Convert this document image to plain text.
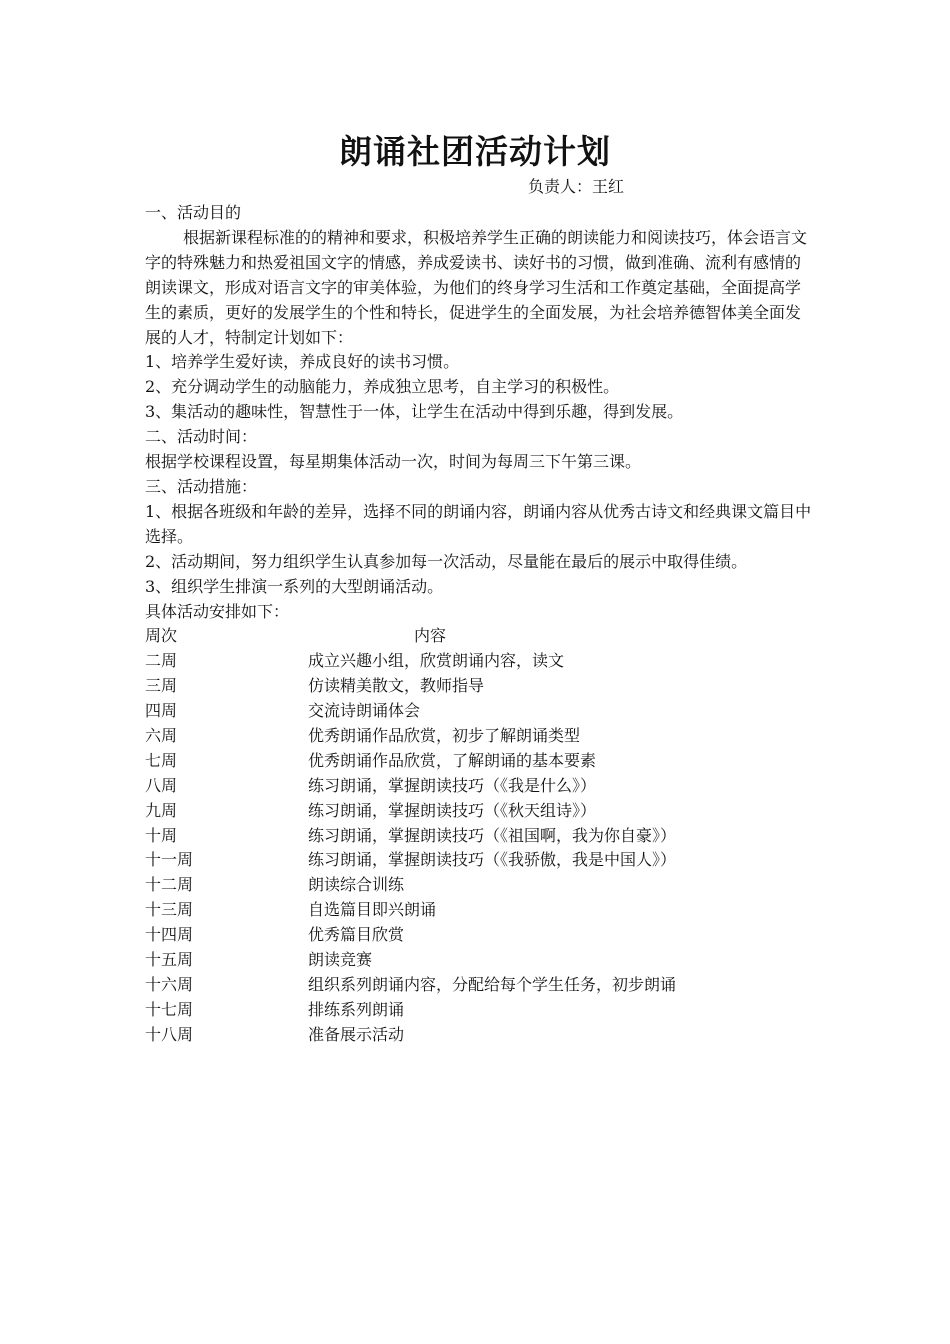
朗诵社团活动计划
负责人：王红

一、活动目的

根据新课程标准的的精神和要求，积极培养学生正确的朗读能力和阅读技巧，体会语言文字的特殊魅力和热爱祖国文字的情感，养成爱读书、读好书的习惯，做到准确、流利有感情的朗读课文，形成对语言文字的审美体验，为他们的终身学习生活和工作奠定基础，全面提高学生的素质，更好的发展学生的个性和特长，促进学生的全面发展，为社会培养德智体美全面发展的人才，特制定计划如下：

1、培养学生爱好读，养成良好的读书习惯。

2、充分调动学生的动脑能力，养成独立思考，自主学习的积极性。

3、集活动的趣味性，智慧性于一体，让学生在活动中得到乐趣，得到发展。

二、活动时间：

根据学校课程设置，每星期集体活动一次，时间为每周三下午第三课。

三、活动措施：

1、根据各班级和年龄的差异，选择不同的朗诵内容，朗诵内容从优秀古诗文和经典课文篇目中选择。

2、活动期间，努力组织学生认真参加每一次活动，尽量能在最后的展示中取得佳绩。

3、组织学生排演一系列的大型朗诵活动。

具体活动安排如下：

周次	内容
二周	成立兴趣小组，欣赏朗诵内容，读文
三周	仿读精美散文，教师指导
四周	交流诗朗诵体会
六周	优秀朗诵作品欣赏，初步了解朗诵类型
七周	优秀朗诵作品欣赏，了解朗诵的基本要素
八周	练习朗诵，掌握朗读技巧（《我是什么》）
九周	练习朗诵，掌握朗读技巧（《秋天组诗》）
十周	练习朗诵，掌握朗读技巧（《祖国啊，我为你自豪》）
十一周	练习朗诵，掌握朗读技巧（《我骄傲，我是中国人》）
十二周	朗读综合训练
十三周	自选篇目即兴朗诵
十四周	优秀篇目欣赏
十五周	朗读竞赛
十六周	组织系列朗诵内容，分配给每个学生任务，初步朗诵
十七周	排练系列朗诵
十八周	准备展示活动
